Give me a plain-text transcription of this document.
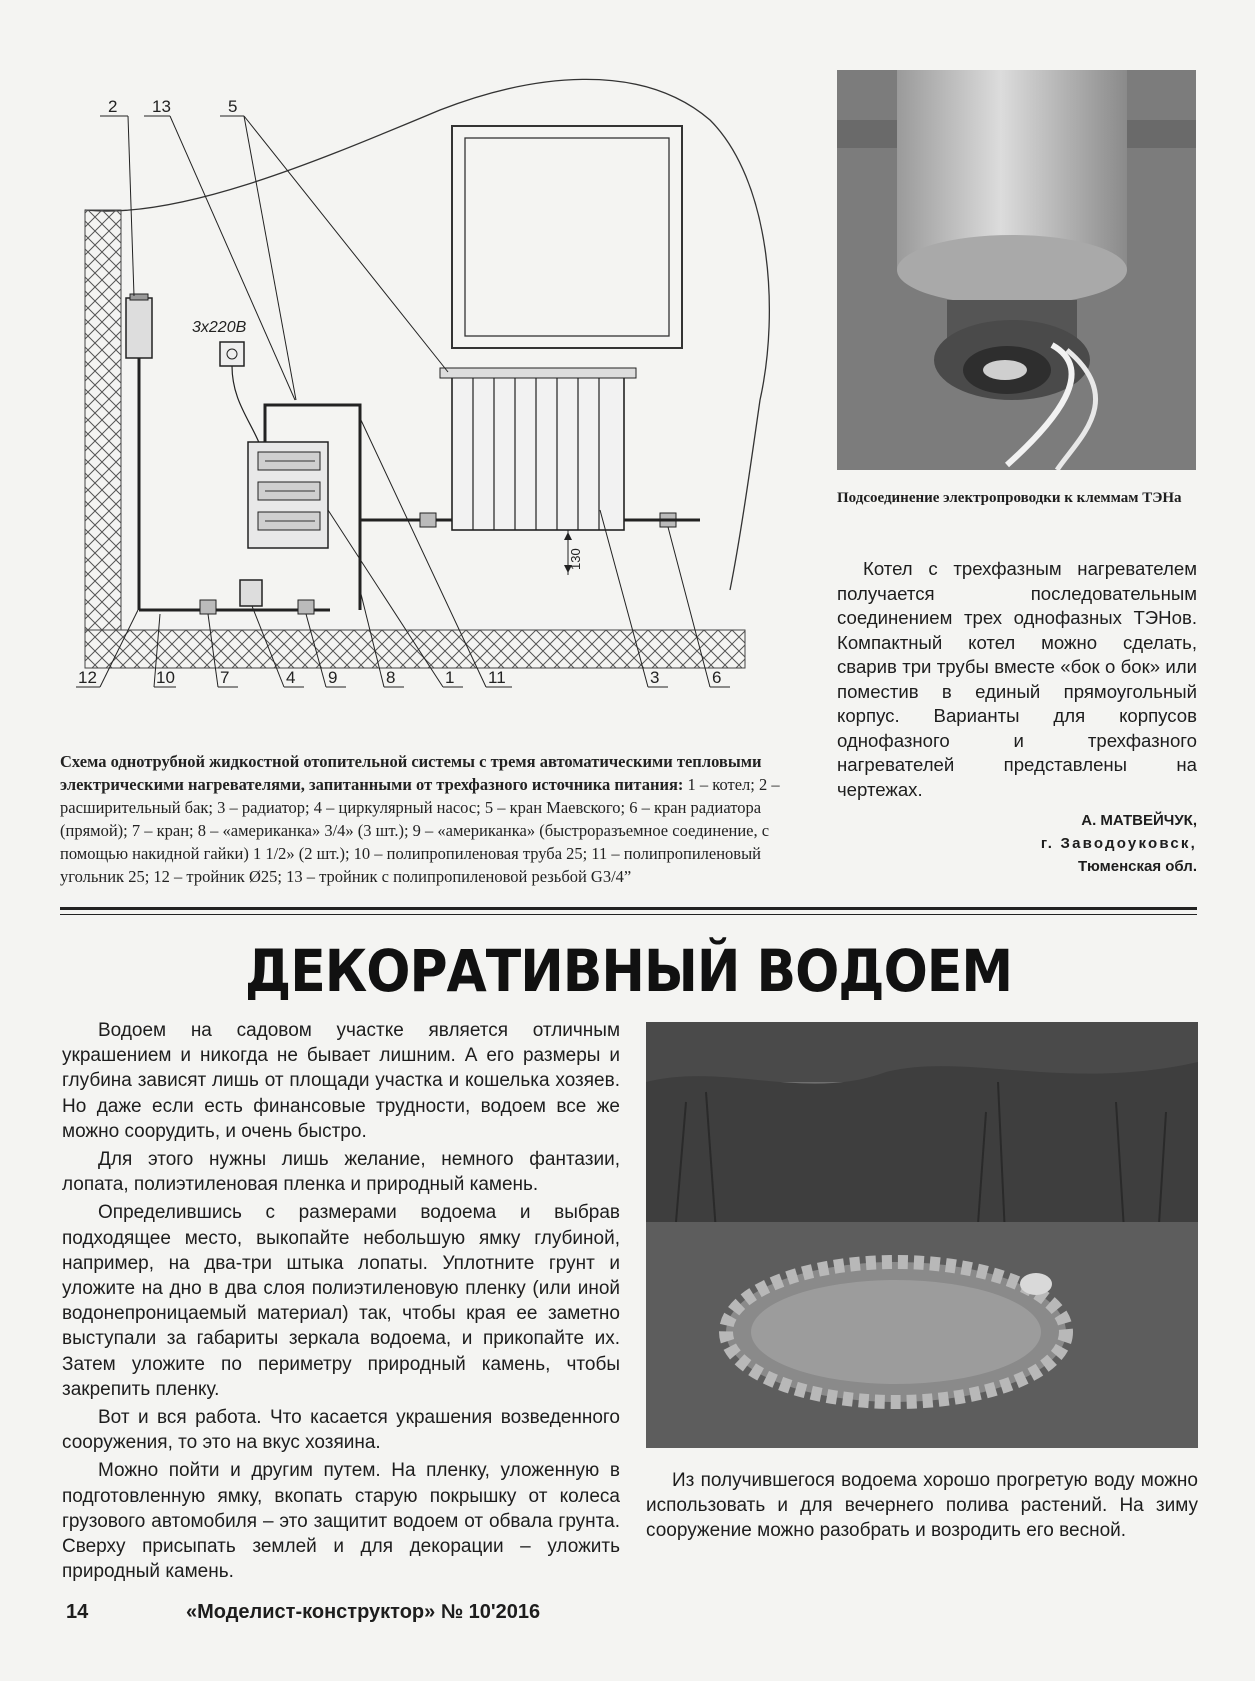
130
3x220B
2 13	5
12	10	7	4 9	8	1 11	3	6
Схема однотрубной жидкостной отопительной системы с тремя автоматическими тепловыми электрическими нагревателями, запитанными от трехфазного источника питания: 1 – котел; 2 – расширительный бак; 3 – радиатор; 4 – циркулярный насос; 5 – кран Маевского; 6 – кран радиатора (прямой); 7 – кран; 8 – «американка» 3/4» (3 шт.); 9 – «американка» (быстроразъемное соединение, с помощью накидной гайки) 1 1/2» (2 шт.); 10 – полипропиленовая труба 25; 11 – полипропиленовый угольник 25; 12 – тройник Ø25; 13 – тройник с полипропиленовой резьбой G3/4”
Подсоединение электропроводки к клеммам ТЭНа

Котел с трехфазным нагревателем получается последовательным соединением трех однофазных ТЭНов. Компактный котел можно сделать, сварив три трубы вместе «бок о бок» или поместив в единый прямоугольный корпус. Варианты для корпусов однофазного и трехфазного нагревателей представлены на чертежах.

А. МАТВЕЙЧУК,
г. Заводоуковск,
Тюменская обл.
ДЕКОРАТИВНЫЙ ВОДОЕМ

Водоем на садовом участке является отличным украшением и никогда не бывает лишним. А его размеры и глубина зависят лишь от площади участка и кошелька хозяев. Но даже если есть финансовые трудности, водоем все же можно соорудить, и очень быстро.

Для этого нужны лишь желание, немного фантазии, лопата, полиэтиленовая пленка и природный камень.

Определившись с размерами водоема и выбрав подходящее место, выкопайте небольшую ямку глубиной, например, на два-три штыка лопаты. Уплотните грунт и уложите на дно в два слоя полиэтиленовую пленку (или иной водонепроницаемый материал) так, чтобы края ее заметно выступали за габариты зеркала водоема, и прикопайте их. Затем уложите по периметру природный камень, чтобы закрепить пленку.

Вот и вся работа. Что касается украшения возведенного сооружения, то это на вкус хозяина.

Можно пойти и другим путем. На пленку, уложенную в подготовленную ямку, вкопать старую покрышку от колеса грузового автомобиля – это защитит водоем от обвала грунта. Сверху присыпать землей и для декорации – уложить природный камень.

Из получившегося водоема хорошо прогретую воду можно использовать и для вечернего полива растений. На зиму сооружение можно разобрать и возродить его весной.
14	«Моделист-конструктор» № 10'2016
